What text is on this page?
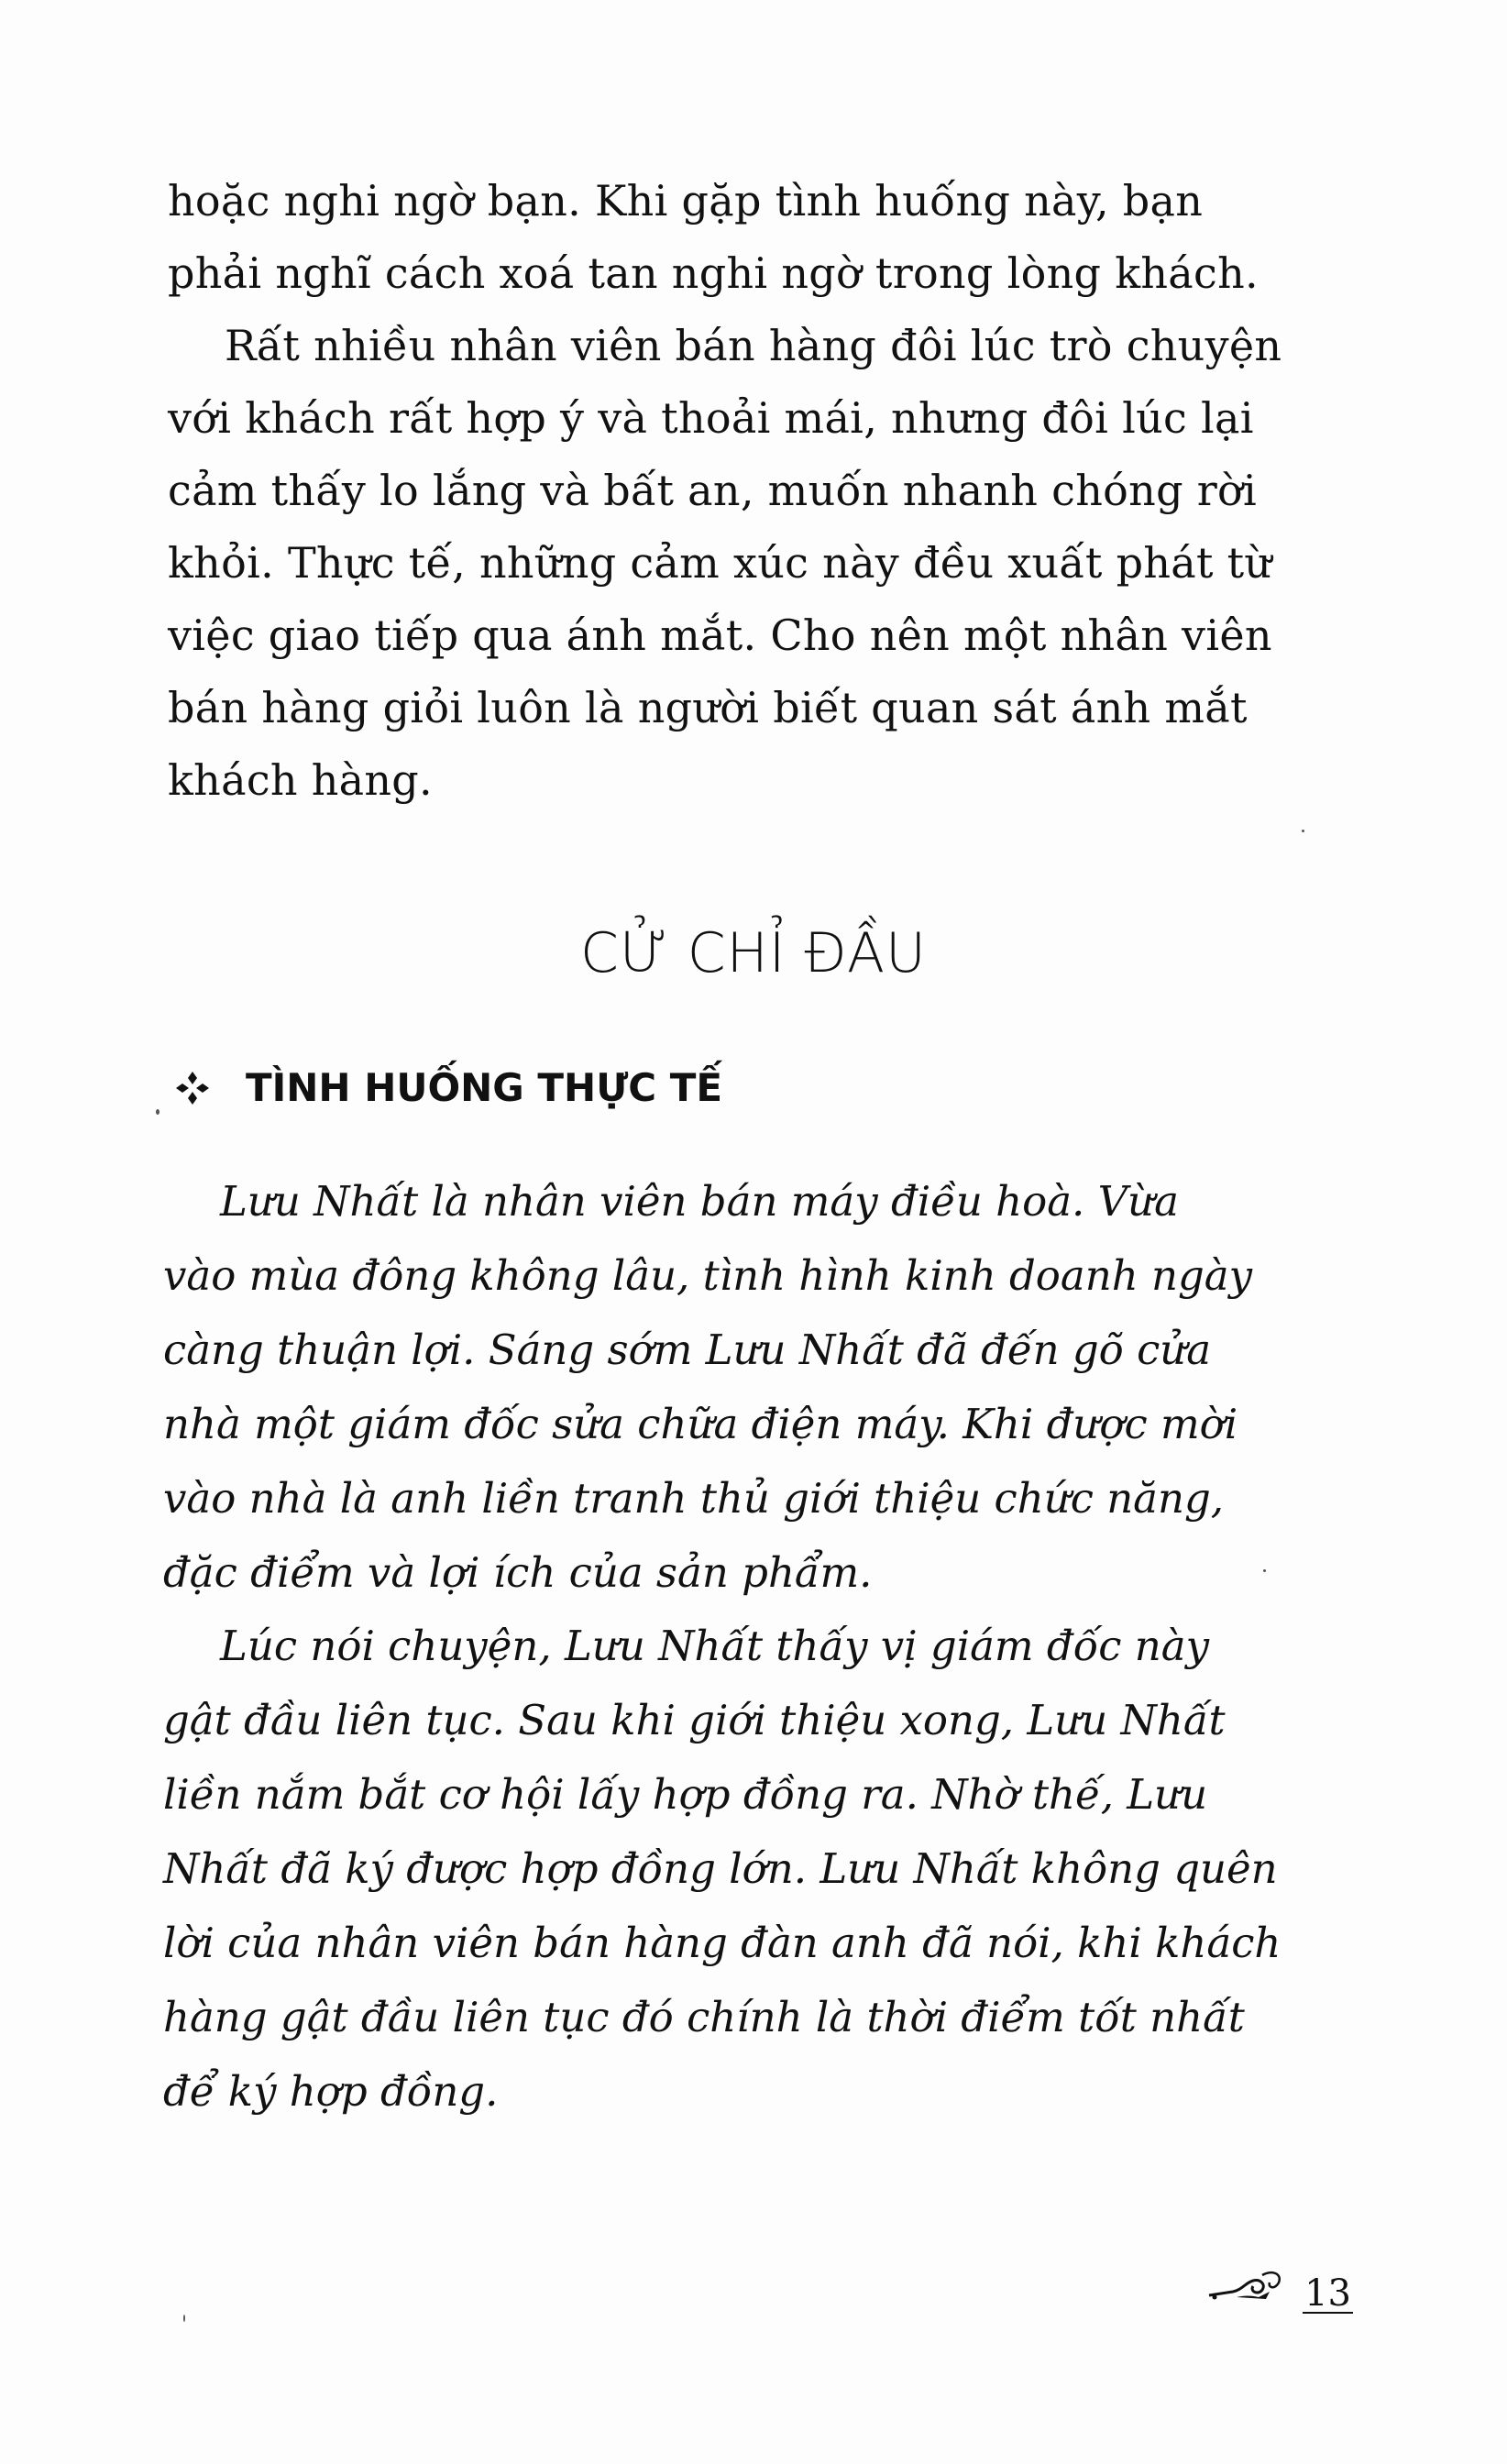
hoặc nghi ngờ bạn. Khi gặp tình huống này, bạn
phải nghĩ cách xoá tan nghi ngờ trong lòng khách.
Rất nhiều nhân viên bán hàng đôi lúc trò chuyện
với khách rất hợp ý và thoải mái, nhưng đôi lúc lại
cảm thấy lo lắng và bất an, muốn nhanh chóng rời
khỏi. Thực tế, những cảm xúc này đều xuất phát từ
việc giao tiếp qua ánh mắt. Cho nên một nhân viên
bán hàng giỏi luôn là người biết quan sát ánh mắt
khách hàng.
CỬ CHỈ ĐẦU
TÌNH HUỐNG THỰC TẾ
Lưu Nhất là nhân viên bán máy điều hoà. Vừa
vào mùa đông không lâu, tình hình kinh doanh ngày
càng thuận lợi. Sáng sớm Lưu Nhất đã đến gõ cửa
nhà một giám đốc sửa chữa điện máy. Khi được mời
vào nhà là anh liền tranh thủ giới thiệu chức năng,
đặc điểm và lợi ích của sản phẩm.
Lúc nói chuyện, Lưu Nhất thấy vị giám đốc này
gật đầu liên tục. Sau khi giới thiệu xong, Lưu Nhất
liền nắm bắt cơ hội lấy hợp đồng ra. Nhờ thế, Lưu
Nhất đã ký được hợp đồng lớn. Lưu Nhất không quên
lời của nhân viên bán hàng đàn anh đã nói, khi khách
hàng gật đầu liên tục đó chính là thời điểm tốt nhất
để ký hợp đồng.
13
